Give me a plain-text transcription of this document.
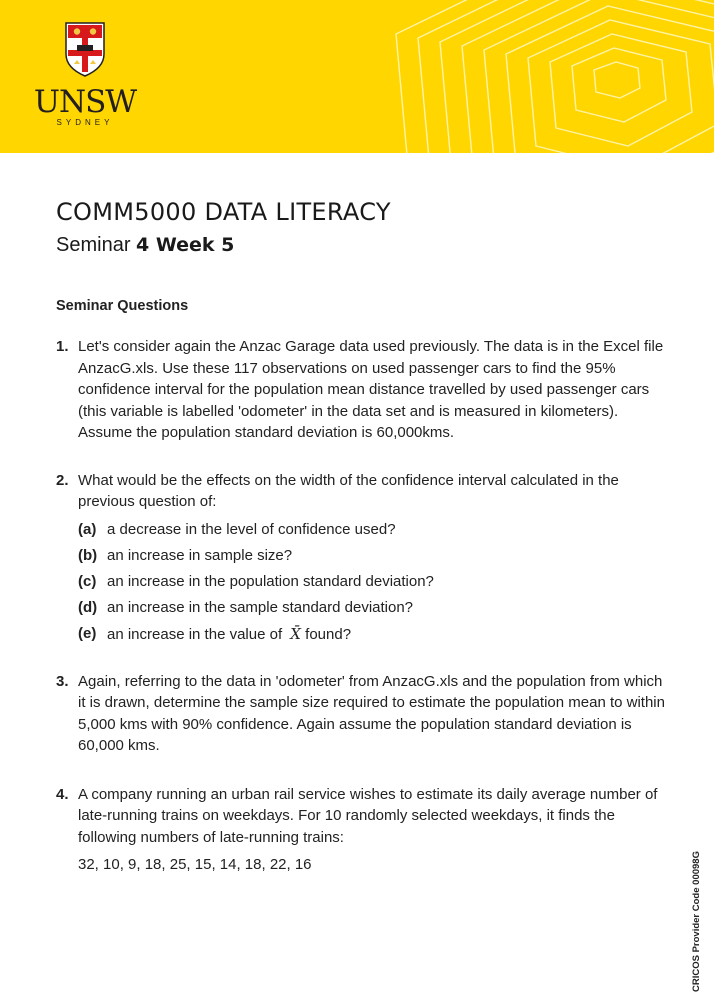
UNSW
SYDNEY
COMM5000 DATA LITERACY
Seminar 4 Week 5
Seminar Questions
1. Let's consider again the Anzac Garage data used previously. The data is in the Excel file AnzacG.xls. Use these 117 observations on used passenger cars to find the 95% confidence interval for the population mean distance travelled by used passenger cars (this variable is labelled 'odometer' in the data set and is measured in kilometers). Assume the population standard deviation is 60,000kms.
2. What would be the effects on the width of the confidence interval calculated in the previous question of:
(a) a decrease in the level of confidence used?
(b) an increase in sample size?
(c) an increase in the population standard deviation?
(d) an increase in the sample standard deviation?
(e) an increase in the value of X̄ found?
3. Again, referring to the data in 'odometer' from AnzacG.xls and the population from which it is drawn, determine the sample size required to estimate the population mean to within 5,000 kms with 90% confidence. Again assume the population standard deviation is 60,000 kms.
4. A company running an urban rail service wishes to estimate its daily average number of late-running trains on weekdays. For 10 randomly selected weekdays, it finds the following numbers of late-running trains:
32, 10, 9, 18, 25, 15, 14, 18, 22, 16	CRICOS Provider Code 00098G
